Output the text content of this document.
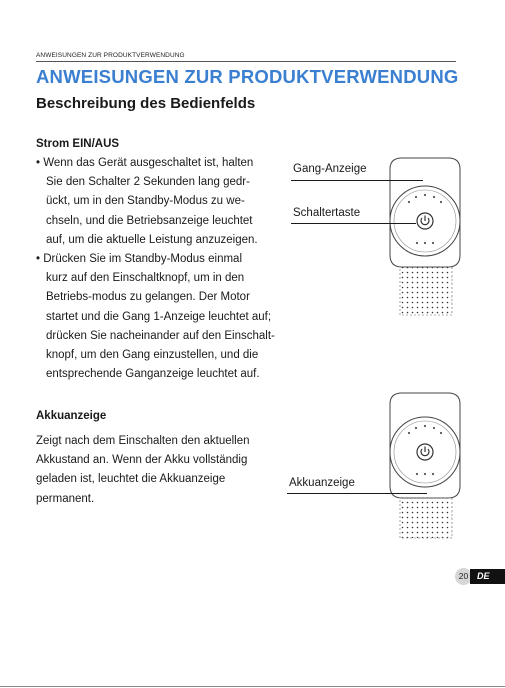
ANWEISUNGEN ZUR PRODUKTVERWENDUNG
ANWEISUNGEN ZUR PRODUKTVERWENDUNG
Beschreibung des Bedienfelds
Strom EIN/AUS
• Wenn das Gerät ausgeschaltet ist, halten
Sie den Schalter 2 Sekunden lang gedr-
ückt, um in den Standby-Modus zu we-
chseln, und die Betriebsanzeige leuchtet
auf, um die aktuelle Leistung anzuzeigen.
• Drücken Sie im Standby-Modus einmal
kurz auf den Einschaltknopf, um in den
Betriebs-modus zu gelangen. Der Motor
startet und die Gang 1-Anzeige leuchtet auf;
drücken Sie nacheinander auf den Einschalt-
knopf, um den Gang einzustellen, und die
entsprechende Ganganzeige leuchtet auf.
Gang-Anzeige
Schaltertaste
Akkuanzeige
Zeigt nach dem Einschalten den aktuellen
Akkustand an. Wenn der Akku vollständig
geladen ist, leuchtet die Akkuanzeige
permanent.
Akkuanzeige
20 DE
